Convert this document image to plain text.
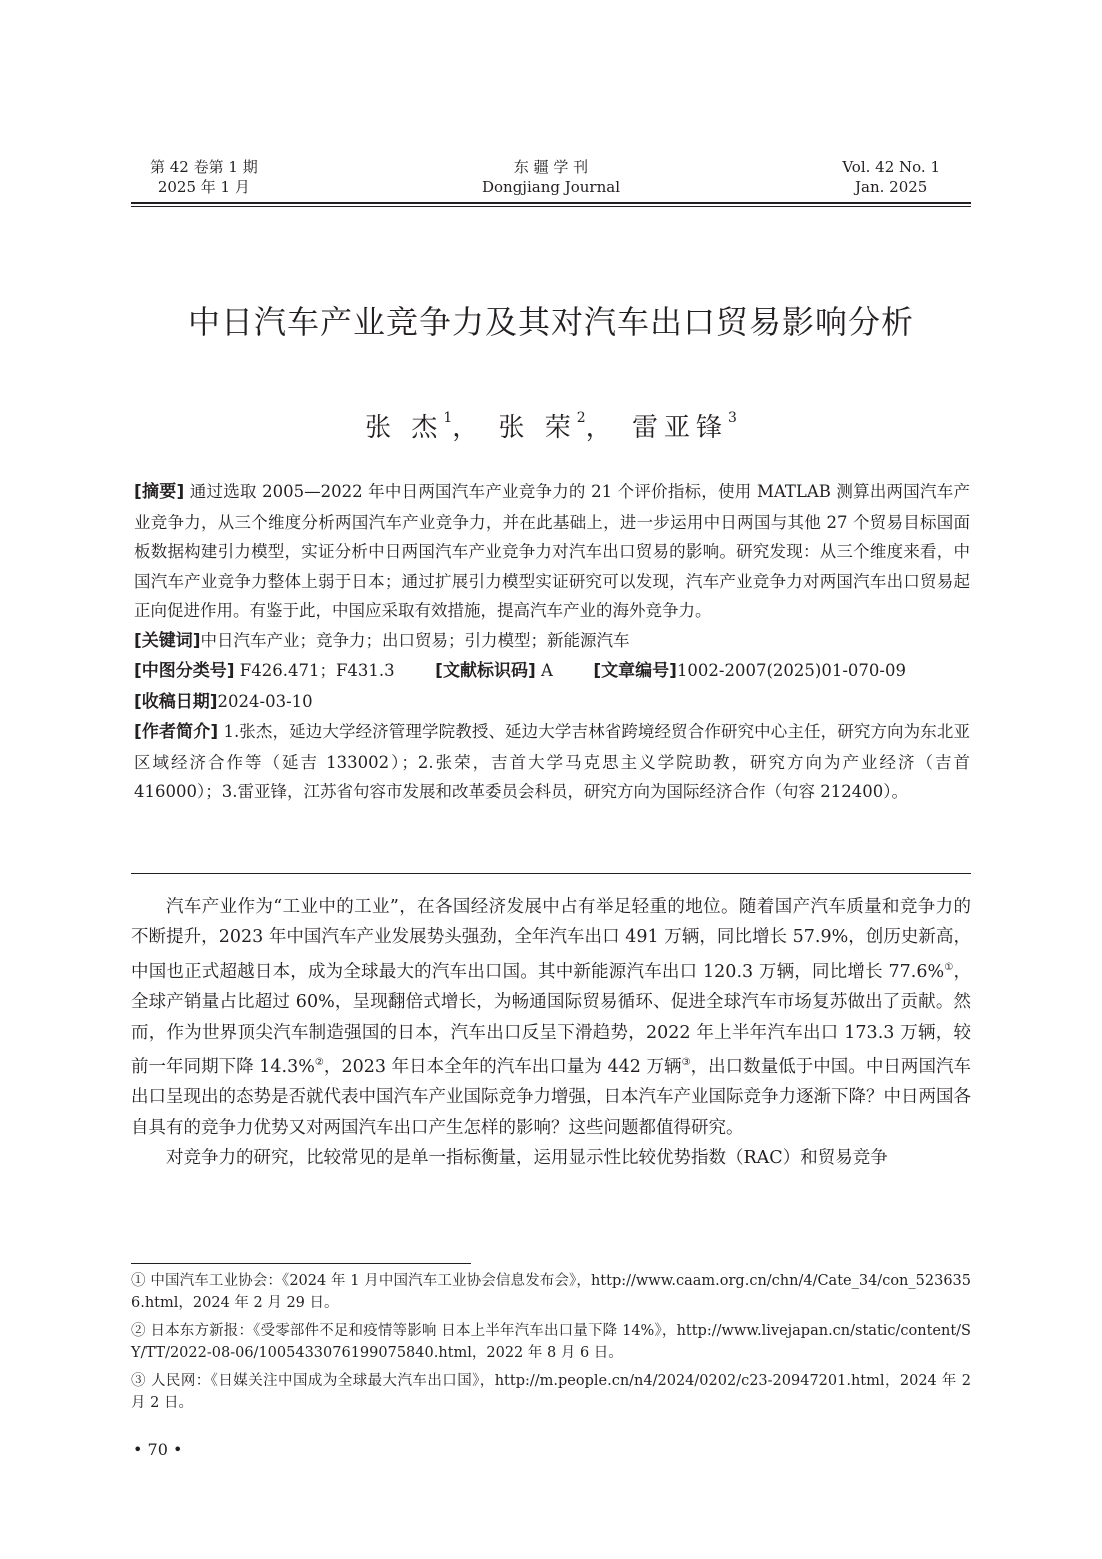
第 42 卷第 1 期
2025 年 1 月
东 疆 学 刊
Dongjiang Journal
Vol. 42 No. 1
Jan. 2025
中日汽车产业竞争力及其对汽车出口贸易影响分析
张 杰$^1$， 张 荣$^2$， 雷亚锋$^3$
[摘要] 通过选取 2005—2022 年中日两国汽车产业竞争力的 21 个评价指标，使用 MATLAB 测算出两国汽车产业竞争力，从三个维度分析两国汽车产业竞争力，并在此基础上，进一步运用中日两国与其他 27 个贸易目标国面板数据构建引力模型，实证分析中日两国汽车产业竞争力对汽车出口贸易的影响。研究发现：从三个维度来看，中国汽车产业竞争力整体上弱于日本；通过扩展引力模型实证研究可以发现，汽车产业竞争力对两国汽车出口贸易起正向促进作用。有鉴于此，中国应采取有效措施，提高汽车产业的海外竞争力。
[关键词]中日汽车产业；竞争力；出口贸易；引力模型；新能源汽车
[中图分类号] F426.471；F431.3 [文献标识码] A [文章编号]1002-2007(2025)01-070-09
[收稿日期]2024-03-10
[作者简介] 1.张杰，延边大学经济管理学院教授、延边大学吉林省跨境经贸合作研究中心主任，研究方向为东北亚区域经济合作等（延吉 133002）；2.张荣，吉首大学马克思主义学院助教，研究方向为产业经济（吉首 416000）；3.雷亚锋，江苏省句容市发展和改革委员会科员，研究方向为国际经济合作（句容 212400）。

汽车产业作为“工业中的工业”，在各国经济发展中占有举足轻重的地位。随着国产汽车质量和竞争力的不断提升，2023 年中国汽车产业发展势头强劲，全年汽车出口 491 万辆，同比增长 57.9%，创历史新高，中国也正式超越日本，成为全球最大的汽车出口国。其中新能源汽车出口 120.3 万辆，同比增长 77.6%①，全球产销量占比超过 60%，呈现翻倍式增长，为畅通国际贸易循环、促进全球汽车市场复苏做出了贡献。然而，作为世界顶尖汽车制造强国的日本，汽车出口反呈下滑趋势，2022 年上半年汽车出口 173.3 万辆，较前一年同期下降 14.3%②，2023 年日本全年的汽车出口量为 442 万辆③，出口数量低于中国。中日两国汽车出口呈现出的态势是否就代表中国汽车产业国际竞争力增强，日本汽车产业国际竞争力逐渐下降？中日两国各自具有的竞争力优势又对两国汽车出口产生怎样的影响？这些问题都值得研究。

对竞争力的研究，比较常见的是单一指标衡量，运用显示性比较优势指数（RAC）和贸易竞争

① 中国汽车工业协会：《2024 年 1 月中国汽车工业协会信息发布会》，http://www.caam.org.cn/chn/4/Cate_34/con_5236356.html，2024 年 2 月 29 日。

② 日本东方新报：《受零部件不足和疫情等影响 日本上半年汽车出口量下降 14%》，http://www.livejapan.cn/static/content/SY/TT/2022-08-06/1005433076199075840.html，2022 年 8 月 6 日。

③ 人民网：《日媒关注中国成为全球最大汽车出口国》，http://m.people.cn/n4/2024/0202/c23-20947201.html，2024 年 2 月 2 日。

• 70 •
